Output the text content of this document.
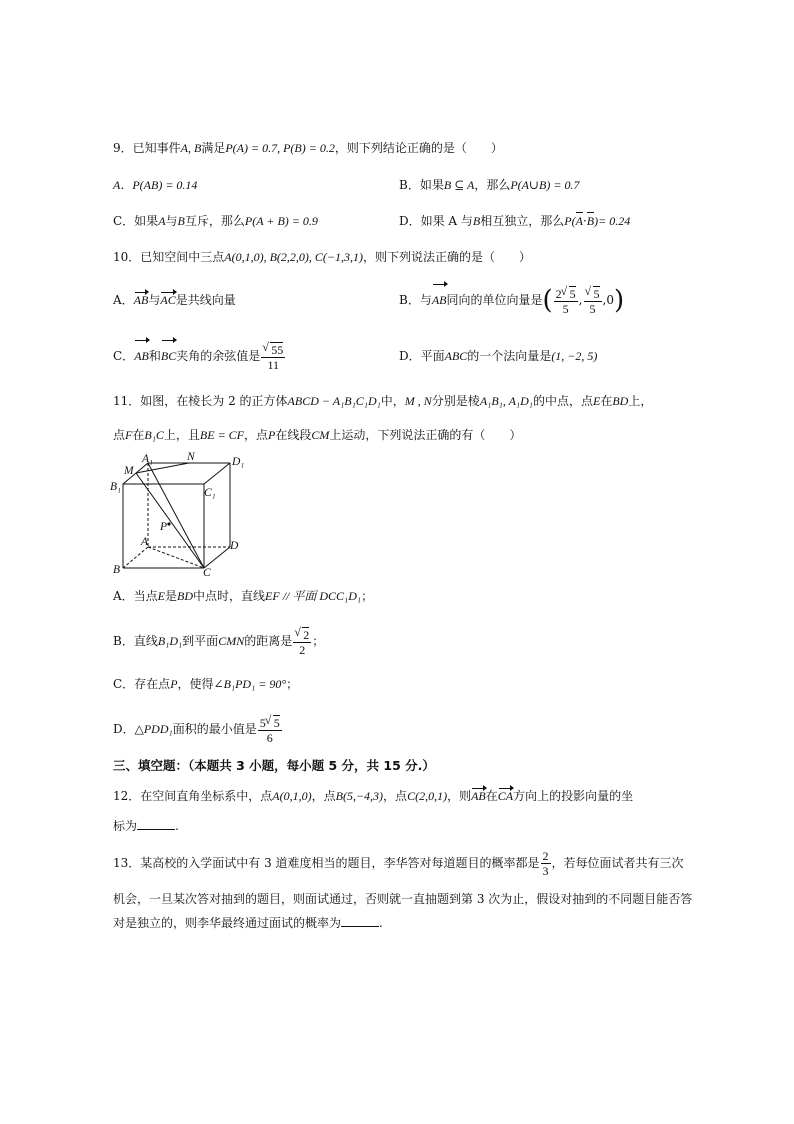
9．已知事件A, B满足P(A) = 0.7, P(B) = 0.2，则下列结论正确的是（　　）
A．P(AB) = 0.14	B．如果B ⊆ A，那么P(A∪B) = 0.7
C．如果A与B互斥，那么P(A + B) = 0.9	D．如果 A 与B相互独立，那么P(A·B)= 0.24
10．已知空间中三点A(0,1,0), B(2,2,0), C(−1,3,1)，则下列说法正确的是（　　）
A．AB与AC是共线向量	B．与AB同向的单位向量是( $\frac{2 √ 5}{5}$ , √ $\frac{5}{5} ,0$)
C．AB和BC夹角的余弦值是 √ $\frac{55}{11}$	D．平面ABC的一个法向量是(1, −2, 5)
11．如图，在棱长为 2 的正方体ABCD − A₁B₁C₁D₁中，M , N分别是棱A₁B₁, A₁D₁的中点，点E在BD上，
点F在B₁C上，且BE = CF，点P在线段CM上运动，下列说法正确的有（　　）
A₁	N	D₁
M
B₁	C₁
P
A	D
B	C
A．当点E是BD中点时，直线EF // 平面 DCC₁D₁；
B．直线B₁D₁到平面CMN的距离是 √ $\frac{2}{2}$ ；
C．存在点P，使得∠B₁PD₁ = 90°；
D．△PDD₁面积的最小值是 $\frac{5 √ 5}{6}$
三、填空题：（本题共 3 小题，每小题 5 分，共 15 分.）
12．在空间直角坐标系中，点A(0,1,0)，点B(5,−4,3)，点C(2,0,1)，则AB在CA方向上的投影向量的坐
标为	.
13．某高校的入学面试中有 3 道难度相当的题目，李华答对每道题目的概率都是 $\frac{2}{3}$ ，若每位面试者共有三次
机会，一旦某次答对抽到的题目，则面试通过，否则就一直抽题到第 3 次为止，假设对抽到的不同题目能否答
对是独立的，则李华最终通过面试的概率为	.
